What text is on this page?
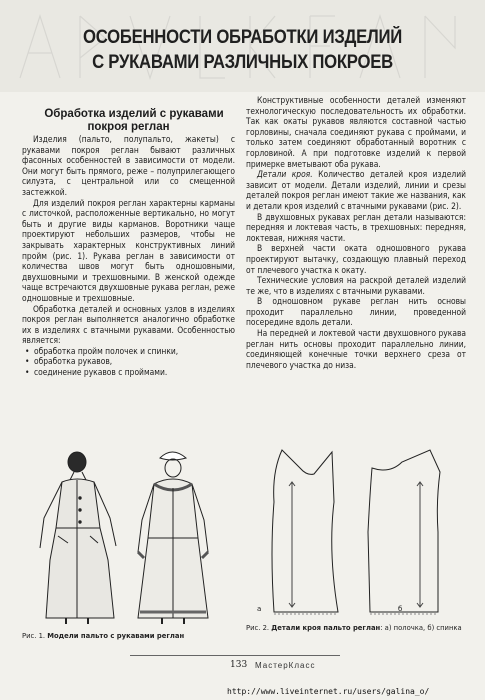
ОСОБЕННОСТИ ОБРАБОТКИ ИЗДЕЛИЙ
С РУКАВАМИ РАЗЛИЧНЫХ ПОКРОЕВ

Обработка изделий с рукавами покроя реглан

Изделия (пальто, полупальто, жакеты) с рукавами покроя реглан бывают различных фасонных особенностей в зависимости от модели. Они могут быть прямого, реже – полуприлегающего силуэта, с центральной или со смещенной застежкой.

Для изделий покроя реглан характерны карманы с листочкой, расположенные вертикально, но могут быть и другие виды карманов. Воротники чаще проектируют небольших размеров, чтобы не закрывать характерных конструктивных линий пройм (рис. 1). Рукава реглан в зависимости от количества швов могут быть одношовными, двухшовными и трехшовными. В женской одежде чаще встречаются двухшовные рукава реглан, реже одношовные и трехшовные.

Обработка деталей и основных узлов в изделиях покроя реглан выполняется аналогично обработке их в изделиях с втачными рукавами. Особенностью является:

• обработка пройм полочек и спинки,
• обработка рукавов,
• соединение рукавов с проймами.

Конструктивные особенности деталей изменяют технологическую последовательность их обработки. Так как окаты рукавов являются составной частью горловины, сначала соединяют рукава с проймами, и только затем соединяют обработанный воротник с горловиной. А при подготовке изделий к первой примерке вметывают оба рукава.

Детали кроя. Количество деталей кроя изделий зависит от модели. Детали изделий, линии и срезы деталей покроя реглан имеют такие же названия, как и детали кроя изделий с втачными рукавами (рис. 2).

В двухшовных рукавах реглан детали называются: передняя и локтевая часть, в трехшовных: передняя, локтевая, нижняя части.

В верхней части оката одношовного рукава проектируют вытачку, создающую плавный переход от плечевого участка к окату.

Технические условия на раскрой деталей изделий те же, что в изделиях с втачными рукавами.

В одношовном рукаве реглан нить основы проходит параллельно линии, проведенной посередине вдоль детали.

На передней и локтевой части двухшовного рукава реглан нить основы проходит параллельно линии, соединяющей конечные точки верхнего среза от плечевого участка до низа.

Рис. 1. Модели пальто с рукавами реглан
а	б
Рис. 2. Детали кроя пальто реглан: а) полочка, б) спинка
133 МастерКласс
http://www.liveinternet.ru/users/galina_o/
